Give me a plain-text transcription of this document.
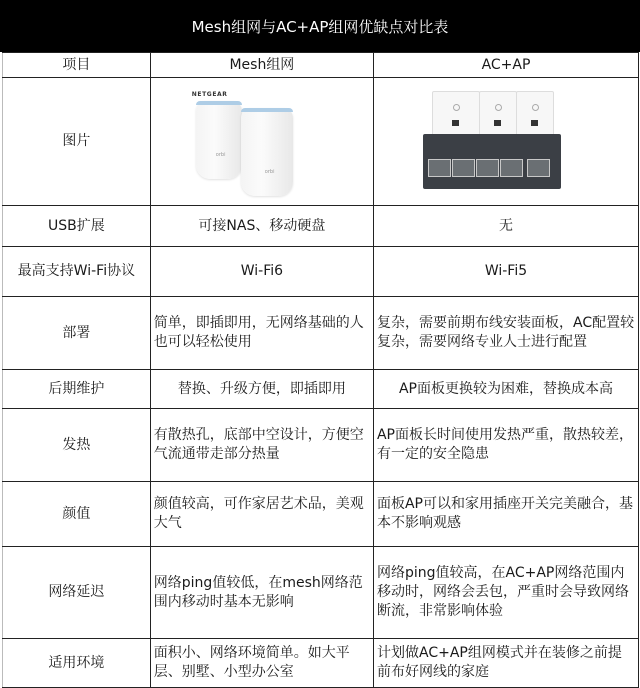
Mesh组网与AC+AP组网优缺点对比表
项目	Mesh组网	AC+AP
图片	NETGEAR
orbi
orbi	

USB扩展	可接NAS、移动硬盘	无
最高支持Wi-Fi协议	Wi-Fi6	Wi-Fi5
部署	简单，即插即用，无网络基础的人也可以轻松使用	复杂，需要前期布线安装面板，AC配置较复杂，需要网络专业人士进行配置
后期维护	替换、升级方便，即插即用	AP面板更换较为困难，替换成本高
发热	有散热孔，底部中空设计，方便空气流通带走部分热量	AP面板长时间使用发热严重，散热较差，有一定的安全隐患
颜值	颜值较高，可作家居艺术品，美观大气	面板AP可以和家用插座开关完美融合，基本不影响观感
网络延迟	网络ping值较低，在mesh网络范围内移动时基本无影响	网络ping值较高，在AC+AP网络范围内移动时，网络会丢包，严重时会导致网络断流，非常影响体验
适用环境	面积小、网络环境简单。如大平层、别墅、小型办公室	计划做AC+AP组网模式并在装修之前提前布好网线的家庭
